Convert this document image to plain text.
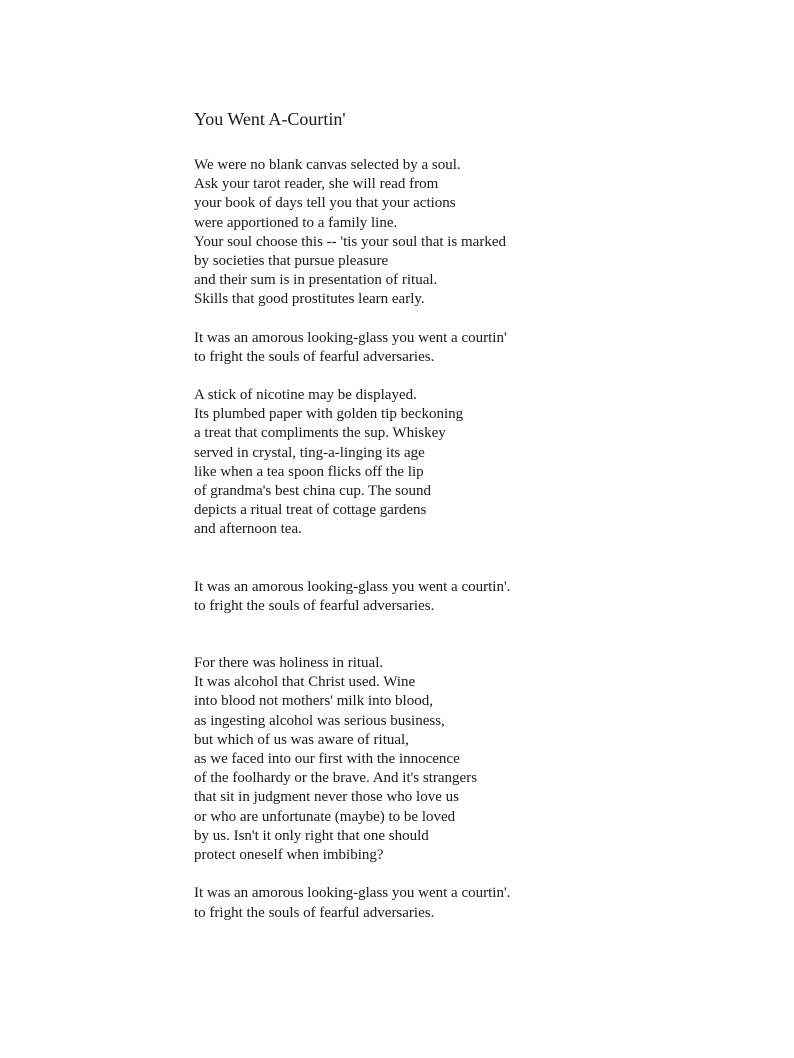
You Went A-Courtin'
We were no blank canvas selected by a soul.
Ask your tarot reader, she will read from
your book of days tell you that your actions
were apportioned to a family line.
Your soul choose this -- 'tis your soul that is marked
by societies that pursue pleasure
and their sum is in presentation of ritual.
Skills that good prostitutes learn early.
It was an amorous looking-glass you went a courtin'
to fright the souls of fearful adversaries.
A stick of nicotine may be displayed.
Its plumbed paper with golden tip beckoning
a treat that compliments the sup. Whiskey
served in crystal, ting-a-linging its age
like when a tea spoon flicks off the lip
of grandma's best china cup. The sound
depicts a ritual treat of cottage gardens
and afternoon tea.
It was an amorous looking-glass you went a courtin'.
to fright the souls of fearful adversaries.
For there was holiness in ritual.
It was alcohol that Christ used. Wine
into blood not mothers' milk into blood,
as ingesting alcohol was serious business,
but which of us was aware of ritual,
as we faced into our first with the innocence
of the foolhardy or the brave. And it's strangers
that sit in judgment never those who love us
or who are unfortunate (maybe) to be loved
by us. Isn't it only right that one should
protect oneself when imbibing?
It was an amorous looking-glass you went a courtin'.
to fright the souls of fearful adversaries.
